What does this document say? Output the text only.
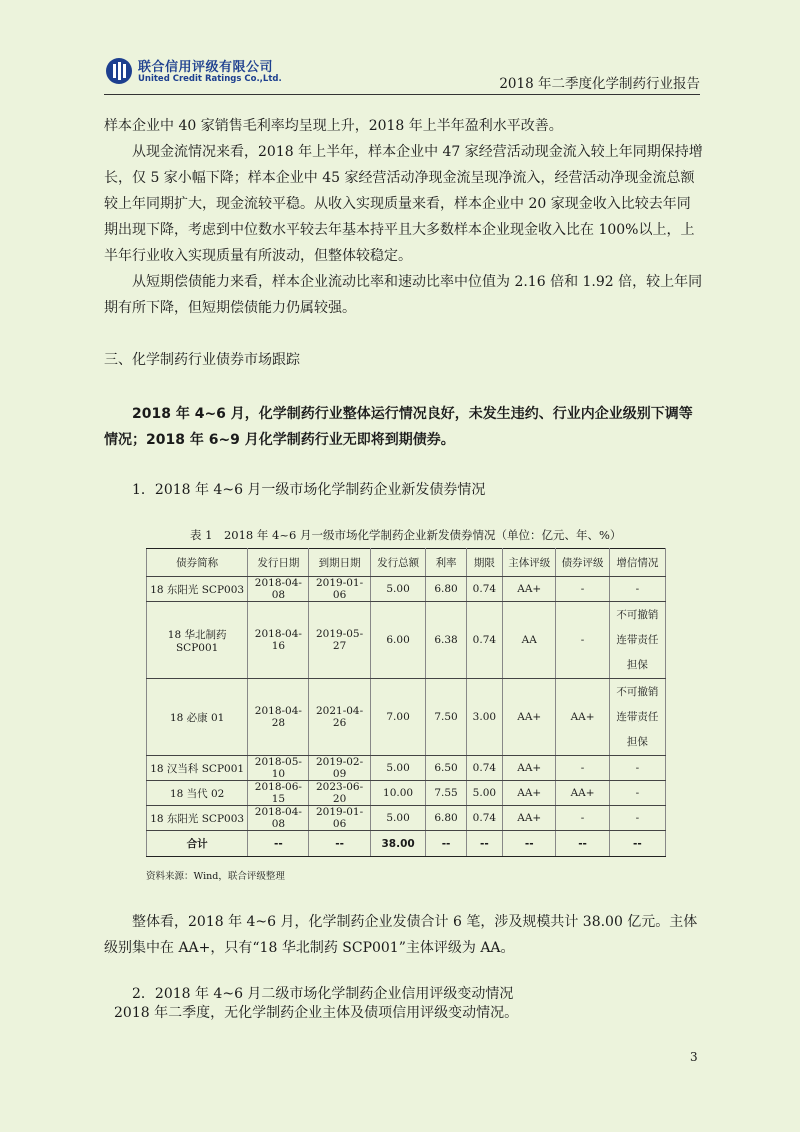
联合信用评级有限公司
United Credit Ratings Co.,Ltd.	2018 年二季度化学制药行业报告

样本企业中 40 家销售毛利率均呈现上升，2018 年上半年盈利水平改善。

从现金流情况来看，2018 年上半年，样本企业中 47 家经营活动现金流入较上年同期保持增长，仅 5 家小幅下降；样本企业中 45 家经营活动净现金流呈现净流入，经营活动净现金流总额较上年同期扩大，现金流较平稳。从收入实现质量来看，样本企业中 20 家现金收入比较去年同期出现下降，考虑到中位数水平较去年基本持平且大多数样本企业现金收入比在 100%以上，上半年行业收入实现质量有所波动，但整体较稳定。

从短期偿债能力来看，样本企业流动比率和速动比率中位值为 2.16 倍和 1.92 倍，较上年同期有所下降，但短期偿债能力仍属较强。

三、化学制药行业债券市场跟踪

2018 年 4~6 月，化学制药行业整体运行情况良好，未发生违约、行业内企业级别下调等情况；2018 年 6~9 月化学制药行业无即将到期债券。

1．2018 年 4~6 月一级市场化学制药企业新发债券情况
表 1　2018 年 4~6 月一级市场化学制药企业新发债券情况（单位：亿元、年、%）
债券简称	发行日期	到期日期	发行总额	利率	期限	主体评级	债券评级	增信情况
18 东阳光 SCP003	2018-04-08	2019-01-06	5.00	6.80	0.74	AA+	-	-

18 华北制药 SCP001	2018-04-16	2019-05-27	6.00	6.38	0.74	AA	-	不可撤销
连带责任
担保

18 必康 01	2018-04-28	2021-04-26	7.00	7.50	3.00	AA+	AA+	不可撤销
连带责任
担保

18 汉当科 SCP001	2018-05-10	2019-02-09	5.00	6.50	0.74	AA+	-	-

18 当代 02	2018-06-15	2023-06-20	10.00	7.55	5.00	AA+	AA+	-

18 东阳光 SCP003	2018-04-08	2019-01-06	5.00	6.80	0.74	AA+	-	-

合计	--	--	38.00	--	--	--	--	--
资料来源：Wind，联合评级整理

整体看，2018 年 4~6 月，化学制药企业发债合计 6 笔，涉及规模共计 38.00 亿元。主体级别集中在 AA+，只有“18 华北制药 SCP001”主体评级为 AA。

2．2018 年 4~6 月二级市场化学制药企业信用评级变动情况

2018 年二季度，无化学制药企业主体及债项信用评级变动情况。

3
